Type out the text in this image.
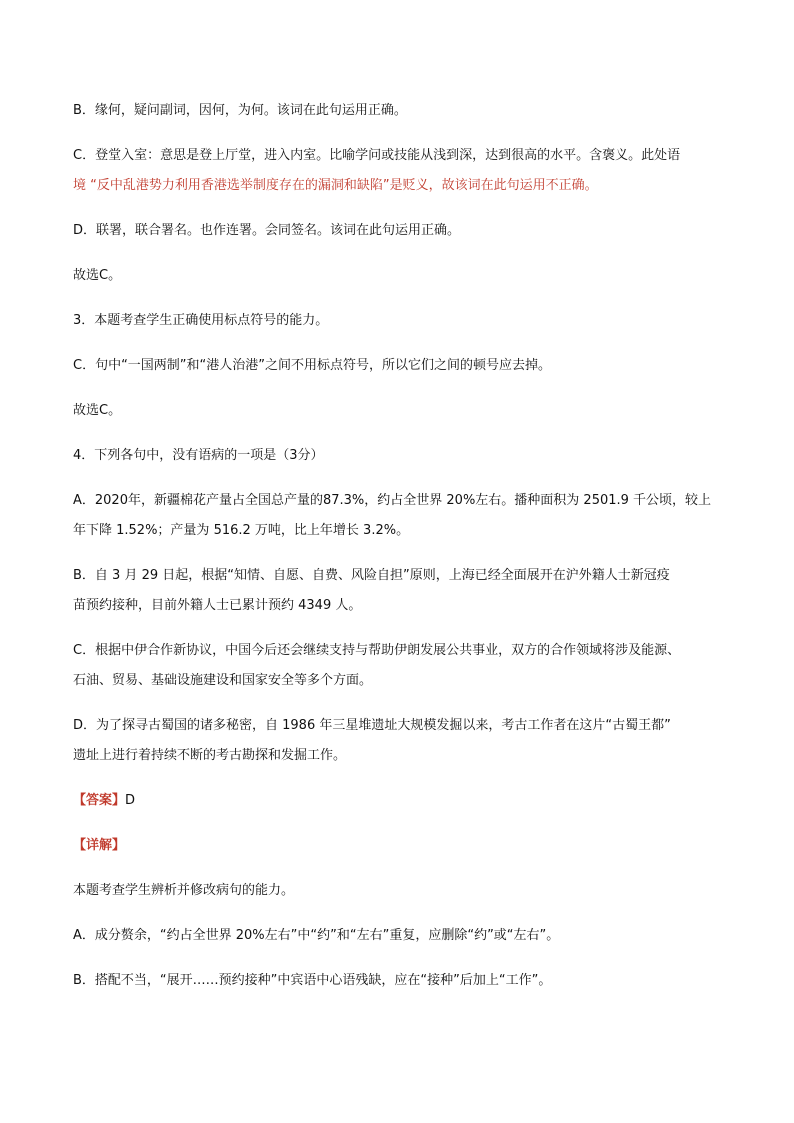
B．缘何，疑问副词，因何，为何。该词在此句运用正确。
C．登堂入室：意思是登上厅堂，进入内室。比喻学问或技能从浅到深，达到很高的水平。含褒义。此处语
境 “反中乱港势力利用香港选举制度存在的漏洞和缺陷”是贬义，故该词在此句运用不正确。
D．联署，联合署名。也作连署。会同签名。该词在此句运用正确。
故选C。
3．本题考查学生正确使用标点符号的能力。
C．句中“一国两制”和“港人治港”之间不用标点符号，所以它们之间的顿号应去掉。
故选C。
4．下列各句中，没有语病的一项是（3分）
A．2020年，新疆棉花产量占全国总产量的87.3%，约占全世界 20%左右。播种面积为 2501.9 千公顷，较上
年下降 1.52%；产量为 516.2 万吨，比上年增长 3.2%。
B．自 3 月 29 日起，根据“知情、自愿、自费、风险自担”原则，上海已经全面展开在沪外籍人士新冠疫
苗预约接种，目前外籍人士已累计预约 4349 人。
C．根据中伊合作新协议，中国今后还会继续支持与帮助伊朗发展公共事业，双方的合作领域将涉及能源、
石油、贸易、基础设施建设和国家安全等多个方面。
D．为了探寻古蜀国的诸多秘密，自 1986 年三星堆遗址大规模发掘以来，考古工作者在这片“古蜀王都”
遗址上进行着持续不断的考古勘探和发掘工作。
【答案】D
【详解】
本题考查学生辨析并修改病句的能力。
A．成分赘余，“约占全世界 20%左右”中“约”和“左右”重复，应删除“约”或“左右”。
B．搭配不当，“展开……预约接种”中宾语中心语残缺，应在“接种”后加上“工作”。
